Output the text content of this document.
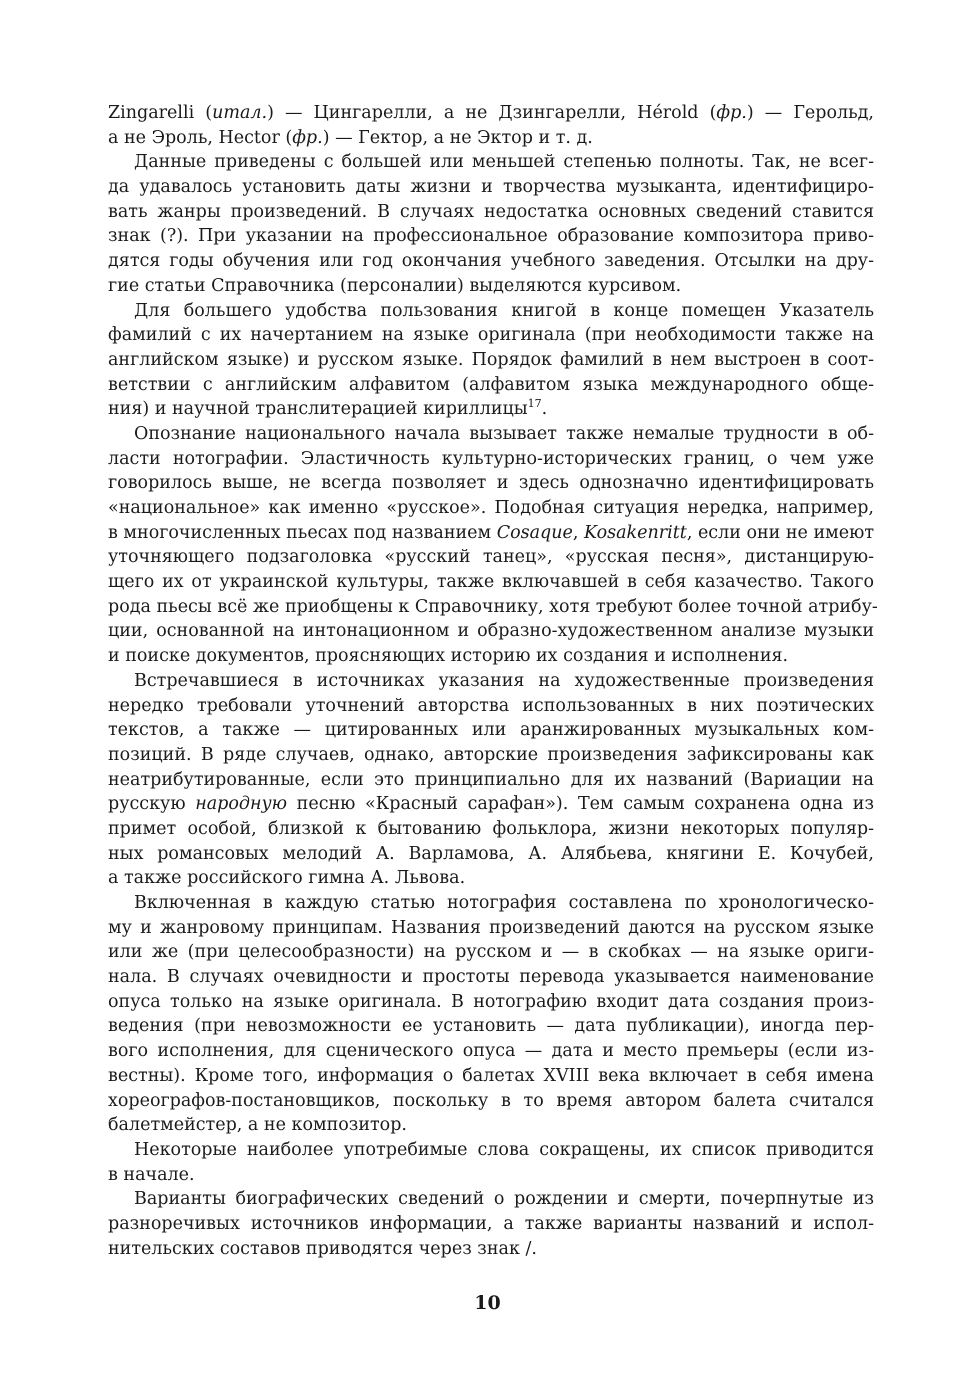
Zingarelli (итал.) — Цингарелли, а не Дзингарелли, Hérold (фр.) — Герольд,
а не Эроль, Hector (фр.) — Гектор, а не Эктор и т. д.
Данные приведены с большей или меньшей степенью полноты. Так, не всег-
да удавалось установить даты жизни и творчества музыканта, идентифициро-
вать жанры произведений. В случаях недостатка основных сведений ставится
знак (?). При указании на профессиональное образование композитора приво-
дятся годы обучения или год окончания учебного заведения. Отсылки на дру-
гие статьи Справочника (персоналии) выделяются курсивом.
Для большего удобства пользования книгой в конце помещен Указатель
фамилий с их начертанием на языке оригинала (при необходимости также на
английском языке) и русском языке. Порядок фамилий в нем выстроен в соот-
ветствии с английским алфавитом (алфавитом языка международного обще-
ния) и научной транслитерацией кириллицы$^{17}$.
Опознание национального начала вызывает также немалые трудности в об-
ласти нотографии. Эластичность культурно-исторических границ, о чем уже
говорилось выше, не всегда позволяет и здесь однозначно идентифицировать
«национальное» как именно «русское». Подобная ситуация нередка, например,
в многочисленных пьесах под названием Cosaque, Kosakenritt, если они не имеют
уточняющего подзаголовка «русский танец», «русская песня», дистанцирую-
щего их от украинской культуры, также включавшей в себя казачество. Такого
рода пьесы всё же приобщены к Справочнику, хотя требуют более точной атрибу-
ции, основанной на интонационном и образно-художественном анализе музыки
и поиске документов, проясняющих историю их создания и исполнения.
Встречавшиеся в источниках указания на художественные произведения
нередко требовали уточнений авторства использованных в них поэтических
текстов, а также — цитированных или аранжированных музыкальных ком-
позиций. В ряде случаев, однако, авторские произведения зафиксированы как
неатрибутированные, если это принципиально для их названий (Вариации на
русскую народную песню «Красный сарафан»). Тем самым сохранена одна из
примет особой, близкой к бытованию фольклора, жизни некоторых популяр-
ных романсовых мелодий А. Варламова, А. Алябьева, княгини Е. Кочубей,
а также российского гимна А. Львова.
Включенная в каждую статью нотография составлена по хронологическо-
му и жанровому принципам. Названия произведений даются на русском языке
или же (при целесообразности) на русском и — в скобках — на языке ориги-
нала. В случаях очевидности и простоты перевода указывается наименование
опуса только на языке оригинала. В нотографию входит дата создания произ-
ведения (при невозможности ее установить — дата публикации), иногда пер-
вого исполнения, для сценического опуса — дата и место премьеры (если из-
вестны). Кроме того, информация о балетах XVIII века включает в себя имена
хореографов-постановщиков, поскольку в то время автором балета считался
балетмейстер, а не композитор.
Некоторые наиболее употребимые слова сокращены, их список приводится
в начале.
Варианты биографических сведений о рождении и смерти, почерпнутые из
разноречивых источников информации, а также варианты названий и испол-
нительских составов приводятся через знак /.
10
